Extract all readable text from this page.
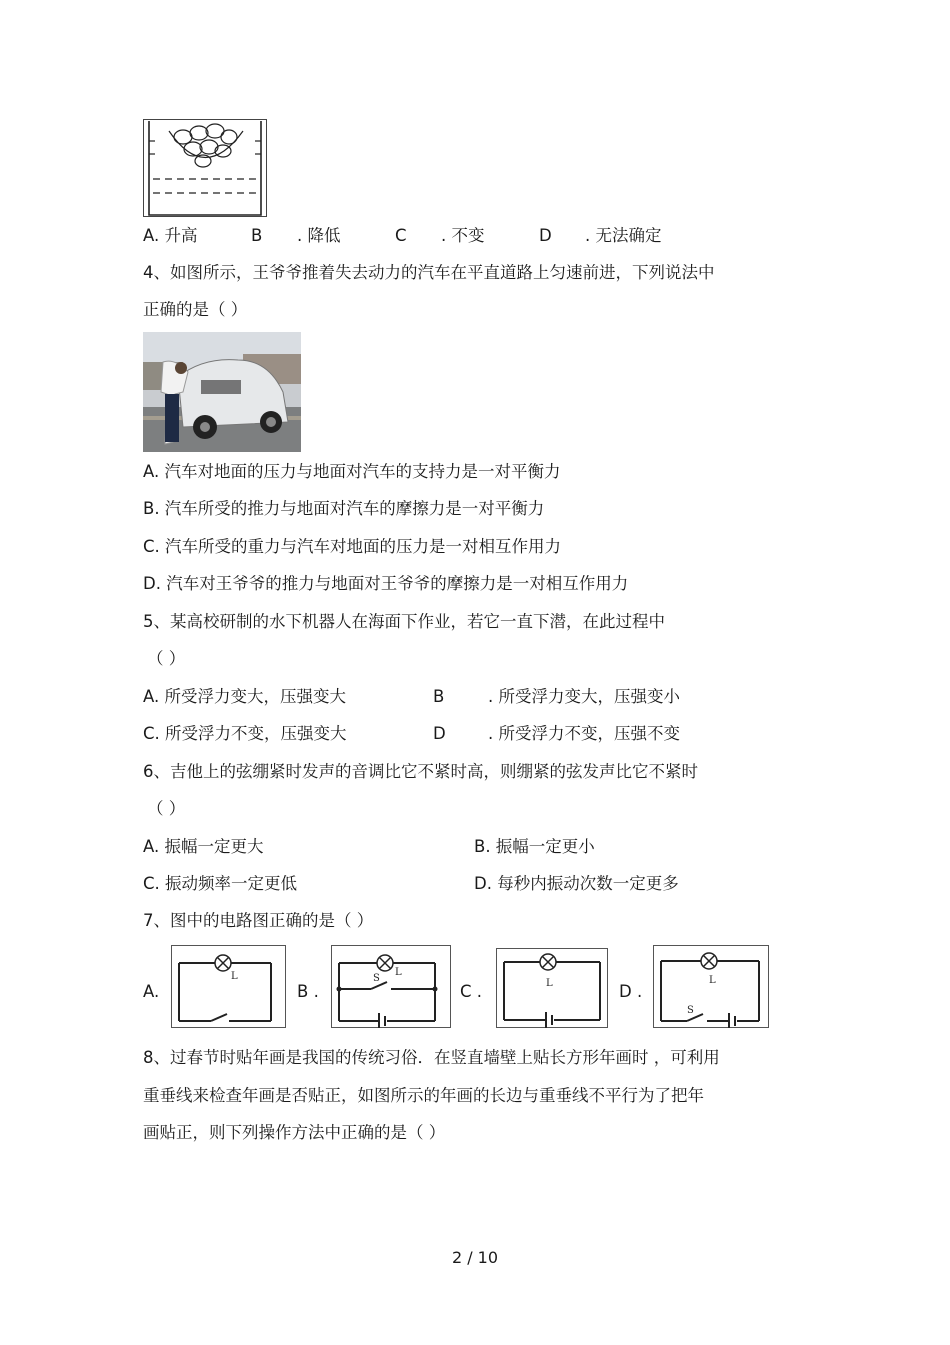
A. 升高	B . 降低	C . 不变	D . 无法确定
4、如图所示，王爷爷推着失去动力的汽车在平直道路上匀速前进，下列说法中
正确的是（ ）
A. 汽车对地面的压力与地面对汽车的支持力是一对平衡力
B. 汽车所受的推力与地面对汽车的摩擦力是一对平衡力
C. 汽车所受的重力与汽车对地面的压力是一对相互作用力
D. 汽车对王爷爷的推力与地面对王爷爷的摩擦力是一对相互作用力
5、某高校研制的水下机器人在海面下作业，若它一直下潜，在此过程中
（ ）
A. 所受浮力变大，压强变大	B	. 所受浮力变大，压强变小
C. 所受浮力不变，压强变大	D	. 所受浮力不变，压强不变
6、吉他上的弦绷紧时发声的音调比它不紧时高，则绷紧的弦发声比它不紧时
（ ）
A. 振幅一定更大	B. 振幅一定更小
C. 振动频率一定更低	D. 每秒内振动次数一定更多
7、图中的电路图正确的是（ ）
A.
L
B .
L
S
C .	L	D .
L
S
8、过春节时贴年画是我国的传统习俗．在竖直墙壁上贴长方形年画时 ，可利用
重垂线来检查年画是否贴正，如图所示的年画的长边与重垂线不平行为了把年
画贴正，则下列操作方法中正确的是（ ）
2 / 10
